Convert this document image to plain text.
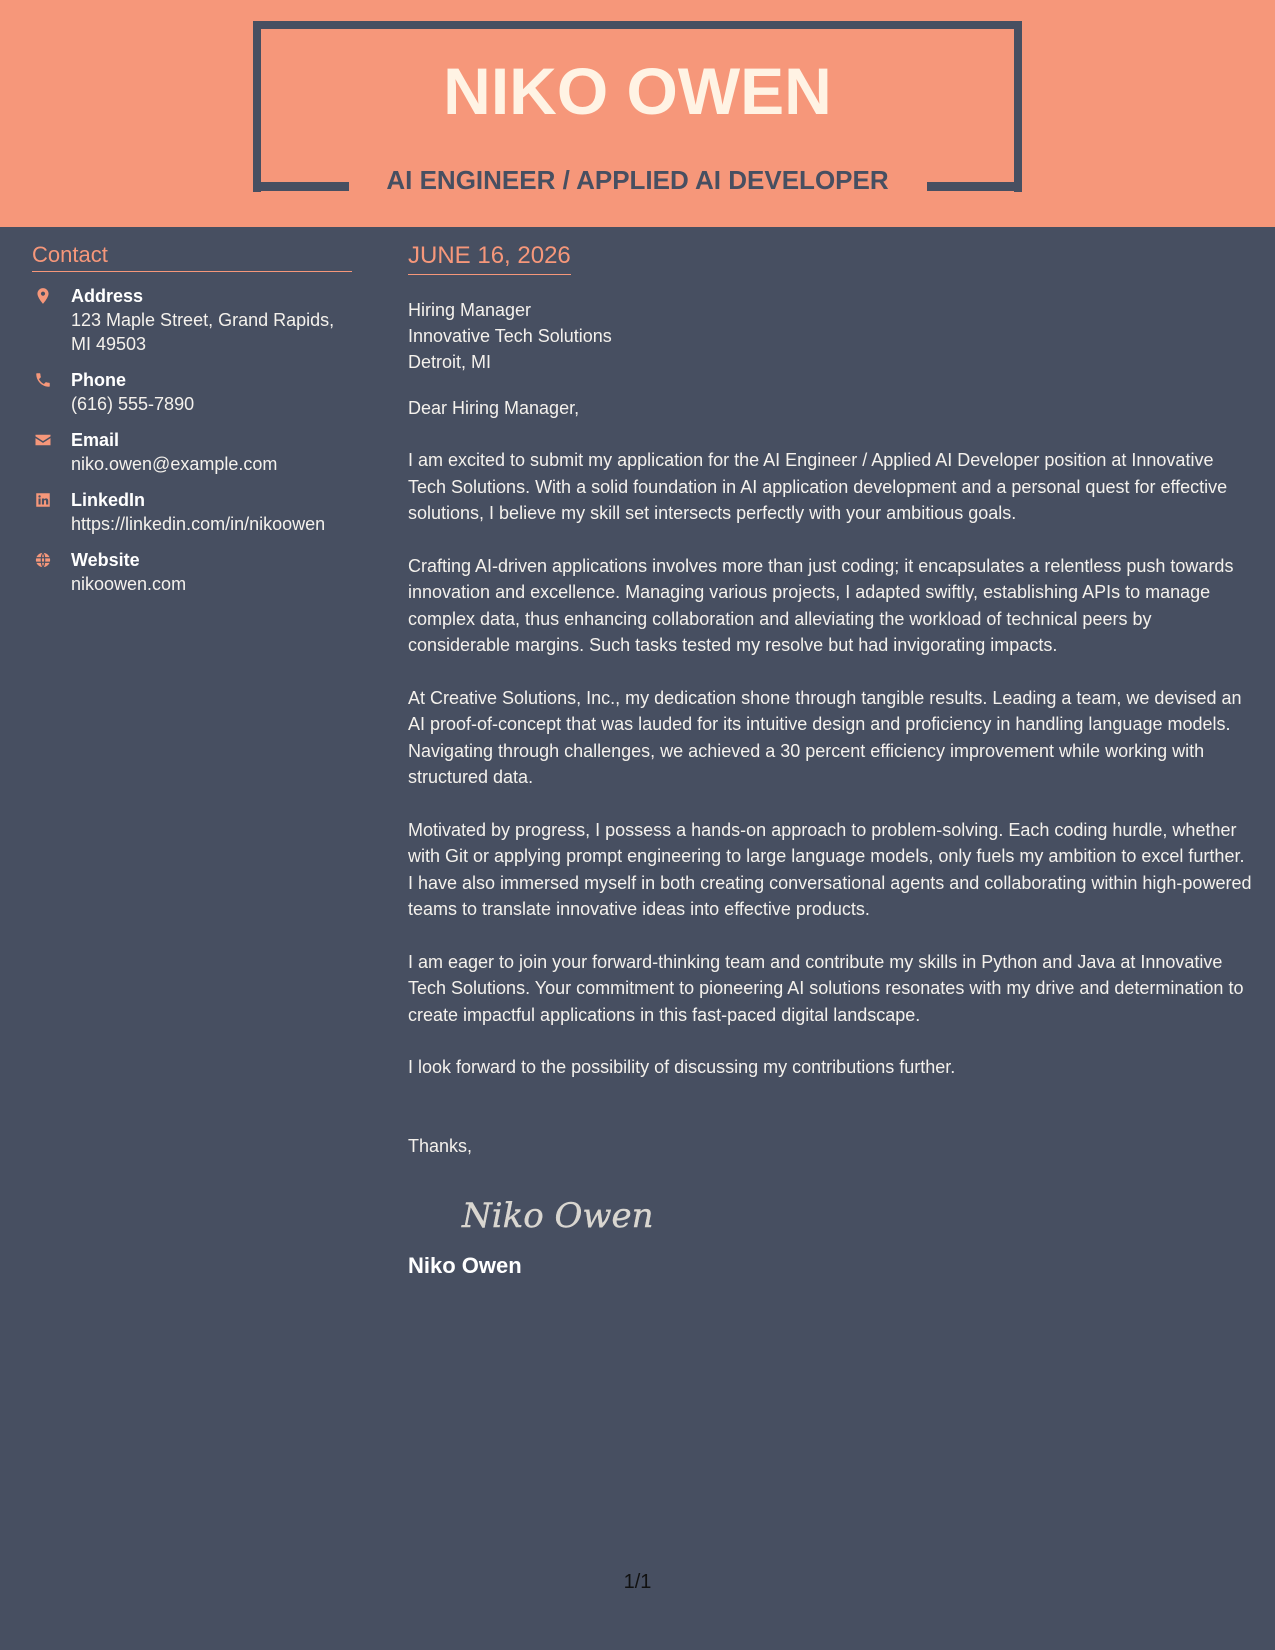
NIKO OWEN
AI ENGINEER / APPLIED AI DEVELOPER
Contact
Address
123 Maple Street, Grand Rapids,
MI 49503
Phone
(616) 555-7890
Email
niko.owen@example.com
LinkedIn
https://linkedin.com/in/nikoowen
Website
nikoowen.com
JUNE 16, 2026
Hiring Manager
Innovative Tech Solutions
Detroit, MI
Dear Hiring Manager,

I am excited to submit my application for the AI Engineer / Applied AI Developer position at Innovative Tech Solutions. With a solid foundation in AI application development and a personal quest for effective solutions, I believe my skill set intersects perfectly with your ambitious goals.

Crafting AI-driven applications involves more than just coding; it encapsulates a relentless push towards innovation and excellence. Managing various projects, I adapted swiftly, establishing APIs to manage complex data, thus enhancing collaboration and alleviating the workload of technical peers by considerable margins. Such tasks tested my resolve but had invigorating impacts.

At Creative Solutions, Inc., my dedication shone through tangible results. Leading a team, we devised an AI proof-of-concept that was lauded for its intuitive design and proficiency in handling language models. Navigating through challenges, we achieved a 30 percent efficiency improvement while working with structured data.

Motivated by progress, I possess a hands-on approach to problem-solving. Each coding hurdle, whether with Git or applying prompt engineering to large language models, only fuels my ambition to excel further. I have also immersed myself in both creating conversational agents and collaborating within high-powered teams to translate innovative ideas into effective products.

I am eager to join your forward-thinking team and contribute my skills in Python and Java at Innovative Tech Solutions. Your commitment to pioneering AI solutions resonates with my drive and determination to create impactful applications in this fast-paced digital landscape.

I look forward to the possibility of discussing my contributions further.

Thanks,
Niko Owen
Niko Owen
1/1
